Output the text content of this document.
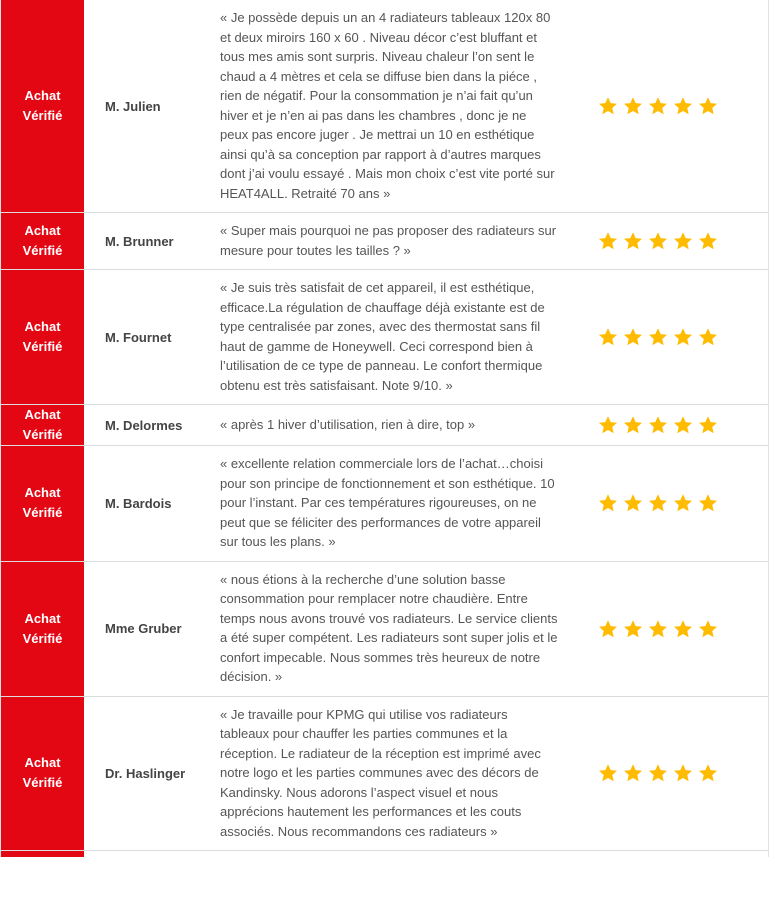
Achat
Vérifié
M. Julien
« Je possède depuis un an 4 radiateurs tableaux 120x 80 et deux miroirs 160 x 60 . Niveau décor c’est bluffant et tous mes amis sont surpris. Niveau chaleur l’on sent le chaud a 4 mètres et cela se diffuse bien dans la piéce , rien de négatif. Pour la consommation je n’ai fait qu’un hiver et je n’en ai pas dans les chambres , donc je ne peux pas encore juger . Je mettrai un 10 en esthétique ainsi qu’à sa conception par rapport à d’autres marques dont j’ai voulu essayé . Mais mon choix c’est vite porté sur HEAT4ALL. Retraité 70 ans »
Achat
Vérifié
M. Brunner
« Super mais pourquoi ne pas proposer des radiateurs sur mesure pour toutes les tailles ? »
Achat
Vérifié
M. Fournet
« Je suis très satisfait de cet appareil, il est esthétique, efficace.La régulation de chauffage déjà existante est de type centralisée par zones, avec des thermostat sans fil haut de gamme de Honeywell. Ceci correspond bien à l’utilisation de ce type de panneau. Le confort thermique obtenu est très satisfaisant. Note 9/10. »
Achat
Vérifié
M. Delormes	« après 1 hiver d’utilisation, rien à dire, top »
Achat
Vérifié
M. Bardois
« excellente relation commerciale lors de l’achat…choisi pour son principe de fonctionnement et son esthétique. 10 pour l’instant. Par ces températures rigoureuses, on ne peut que se féliciter des performances de votre appareil sur tous les plans. »
Achat
Vérifié
Mme Gruber
« nous étions à la recherche d’une solution basse consommation pour remplacer notre chaudière. Entre temps nous avons trouvé vos radiateurs. Le service clients a été super compétent. Les radiateurs sont super jolis et le confort impecable. Nous sommes très heureux de notre décision. »
Achat
Vérifié
Dr. Haslinger
« Je travaille pour KPMG qui utilise vos radiateurs tableaux pour chauffer les parties communes et la réception. Le radiateur de la réception est imprimé avec notre logo et les parties communes avec des décors de Kandinsky. Nous adorons l’aspect visuel et nous apprécions hautement les performances et les couts associés. Nous recommandons ces radiateurs »
